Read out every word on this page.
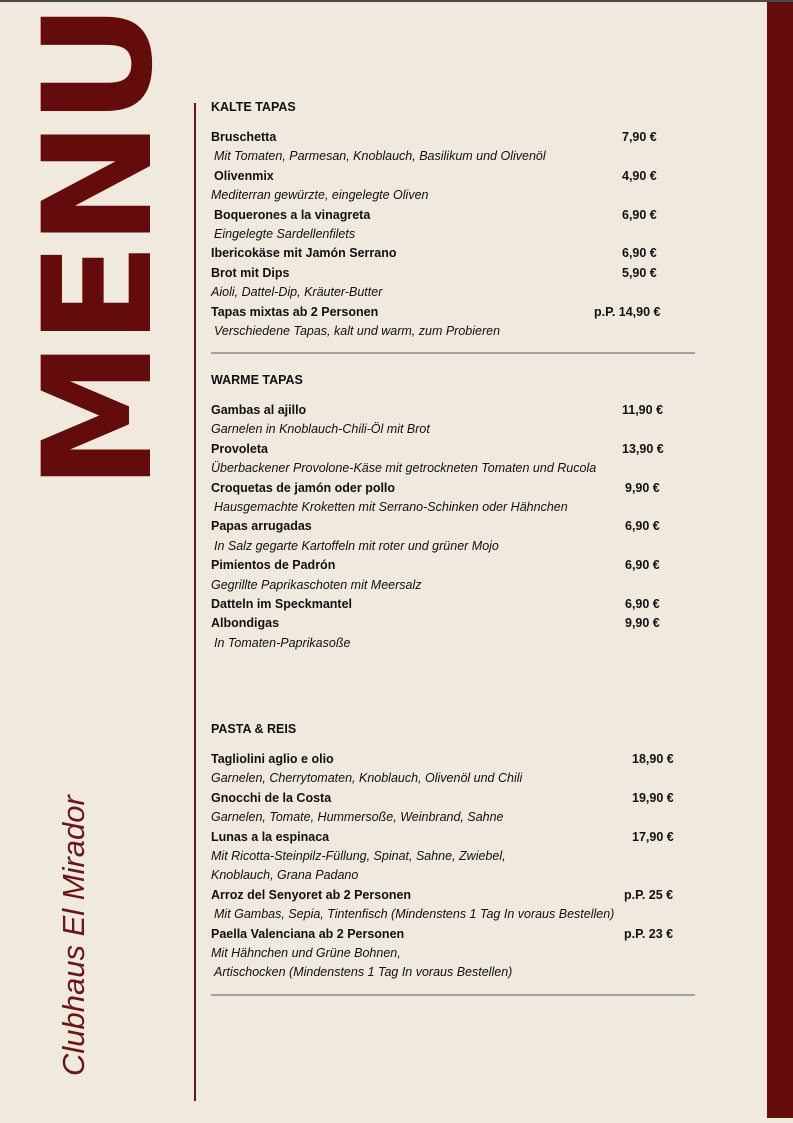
MENU
Clubhaus El Mirador
KALTE TAPAS
Bruschetta	7,90 €
Mit Tomaten, Parmesan, Knoblauch, Basilikum und Olivenöl
Olivenmix	4,90 €
Mediterran gewürzte, eingelegte Oliven
Boquerones a la vinagreta	6,90 €
Eingelegte Sardellenfilets
Ibericokäse mit Jamón Serrano	6,90 €
Brot mit Dips	5,90 €
Aioli, Dattel-Dip, Kräuter-Butter
Tapas mixtas ab 2 Personen	p.P. 14,90 €
Verschiedene Tapas, kalt und warm, zum Probieren
WARME TAPAS
Gambas al ajillo	11,90 €
Garnelen in Knoblauch-Chili-Öl mit Brot
Provoleta	13,90 €
Überbackener Provolone-Käse mit getrockneten Tomaten und Rucola
Croquetas de jamón oder pollo	9,90 €
Hausgemachte Kroketten mit Serrano-Schinken oder Hähnchen
Papas arrugadas	6,90 €
In Salz gegarte Kartoffeln mit roter und grüner Mojo
Pimientos de Padrón	6,90 €
Gegrillte Paprikaschoten mit Meersalz
Datteln im Speckmantel	6,90 €
Albondigas	9,90 €
In Tomaten-Paprikasoße
PASTA & REIS
Tagliolini aglio e olio	18,90 €
Garnelen, Cherrytomaten, Knoblauch, Olivenöl und Chili
Gnocchi de la Costa	19,90 €
Garnelen, Tomate, Hummersoße, Weinbrand, Sahne
Lunas a la espinaca	17,90 €
Mit Ricotta-Steinpilz-Füllung, Spinat, Sahne, Zwiebel,
Knoblauch, Grana Padano
Arroz del Senyoret ab 2 Personen	p.P. 25 €
Mit Gambas, Sepia, Tintenfisch (Mindenstens 1 Tag In voraus Bestellen)
Paella Valenciana ab 2 Personen	p.P. 23 €
Mit Hähnchen und Grüne Bohnen,
Artischocken (Mindenstens 1 Tag In voraus Bestellen)
